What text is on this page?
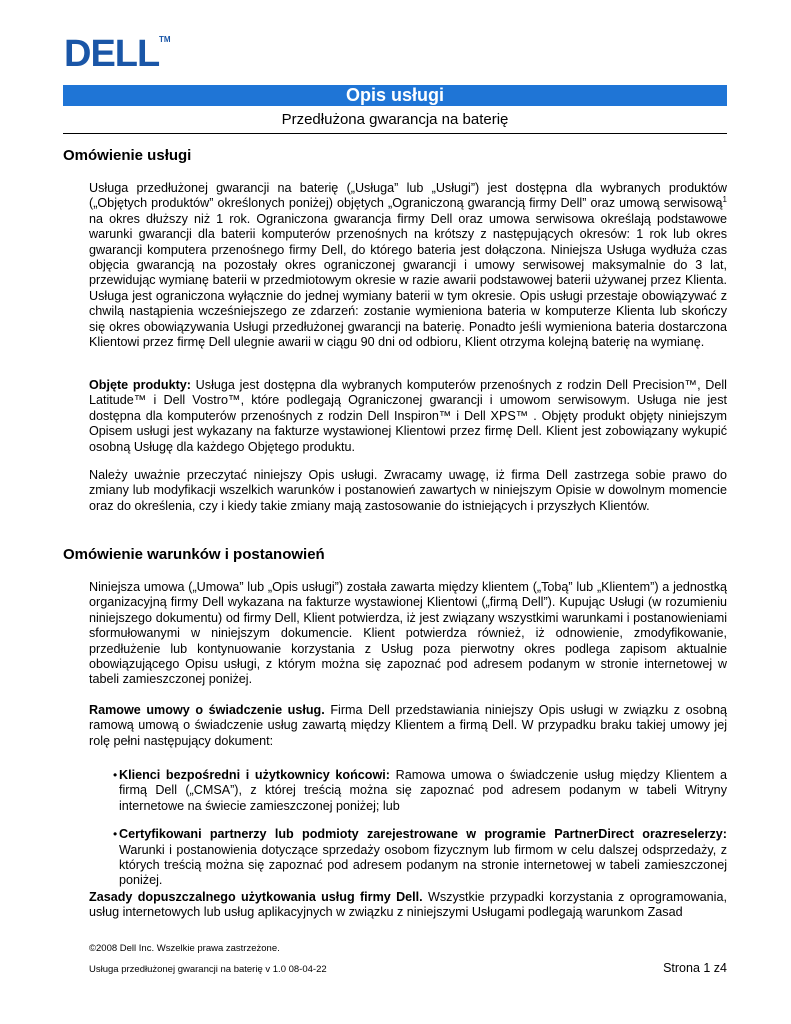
DELL TM
Opis usługi
Przedłużona gwarancja na baterię
Omówienie usługi
Usługa przedłużonej gwarancji na baterię („Usługa” lub „Usługi”) jest dostępna dla wybranych produktów („Objętych produktów” określonych poniżej) objętych „Ograniczoną gwarancją firmy Dell” oraz umową serwisową$^1$ na okres dłuższy niż 1 rok. Ograniczona gwarancja firmy Dell oraz umowa serwisowa określają podstawowe warunki gwarancji dla baterii komputerów przenośnych na krótszy z następujących okresów: 1 rok lub okres gwarancji komputera przenośnego firmy Dell, do którego bateria jest dołączona. Niniejsza Usługa wydłuża czas objęcia gwarancją na pozostały okres ograniczonej gwarancji i umowy serwisowej maksymalnie do 3 lat, przewidując wymianę baterii w przedmiotowym okresie w razie awarii podstawowej baterii używanej przez Klienta. Usługa jest ograniczona wyłącznie do jednej wymiany baterii w tym okresie. Opis usługi przestaje obowiązywać z chwilą nastąpienia wcześniejszego ze zdarzeń: zostanie wymieniona bateria w komputerze Klienta lub skończy się okres obowiązywania Usługi przedłużonej gwarancji na baterię. Ponadto jeśli wymieniona bateria dostarczona Klientowi przez firmę Dell ulegnie awarii w ciągu 90 dni od odbioru, Klient otrzyma kolejną baterię na wymianę.
Objęte produkty: Usługa jest dostępna dla wybranych komputerów przenośnych z rodzin Dell Precision™, Dell Latitude™ i Dell Vostro™, które podlegają Ograniczonej gwarancji i umowom serwisowym. Usługa nie jest dostępna dla komputerów przenośnych z rodzin Dell Inspiron™ i Dell XPS™ . Objęty produkt objęty niniejszym Opisem usługi jest wykazany na fakturze wystawionej Klientowi przez firmę Dell. Klient jest zobowiązany wykupić osobną Usługę dla każdego Objętego produktu.
Należy uważnie przeczytać niniejszy Opis usługi. Zwracamy uwagę, iż firma Dell zastrzega sobie prawo do zmiany lub modyfikacji wszelkich warunków i postanowień zawartych w niniejszym Opisie w dowolnym momencie oraz do określenia, czy i kiedy takie zmiany mają zastosowanie do istniejących i przyszłych Klientów.
Omówienie warunków i postanowień
Niniejsza umowa („Umowa” lub „Opis usługi”) została zawarta między klientem („Tobą” lub „Klientem”) a jednostką organizacyjną firmy Dell wykazana na fakturze wystawionej Klientowi („firmą Dell”). Kupując Usługi (w rozumieniu niniejszego dokumentu) od firmy Dell, Klient potwierdza, iż jest związany wszystkimi warunkami i postanowieniami sformułowanymi w niniejszym dokumencie. Klient potwierdza również, iż odnowienie, zmodyfikowanie, przedłużenie lub kontynuowanie korzystania z Usług poza pierwotny okres podlega zapisom aktualnie obowiązującego Opisu usługi, z którym można się zapoznać pod adresem podanym w stronie internetowej w tabeli zamieszczonej poniżej.
Ramowe umowy o świadczenie usług. Firma Dell przedstawiania niniejszy Opis usługi w związku z osobną ramową umową o świadczenie usług zawartą między Klientem a firmą Dell. W przypadku braku takiej umowy jej rolę pełni następujący dokument:
• Klienci bezpośredni i użytkownicy końcowi: Ramowa umowa o świadczenie usług między Klientem a firmą Dell („CMSA”), z której treścią można się zapoznać pod adresem podanym w tabeli Witryny internetowe na świecie zamieszczonej poniżej; lub
• Certyfikowani partnerzy lub podmioty zarejestrowane w programie PartnerDirect orazreselerzy: Warunki i postanowienia dotyczące sprzedaży osobom fizycznym lub firmom w celu dalszej odsprzedaży, z których treścią można się zapoznać pod adresem podanym na stronie internetowej w tabeli zamieszczonej poniżej.
Zasady dopuszczalnego użytkowania usług firmy Dell. Wszystkie przypadki korzystania z oprogramowania, usług internetowych lub usług aplikacyjnych w związku z niniejszymi Usługami podlegają warunkom Zasad
©2008 Dell Inc. Wszelkie prawa zastrzeżone.
Usługa przedłużonej gwarancji na baterię v 1.0 08-04-22	Strona 1 z4
